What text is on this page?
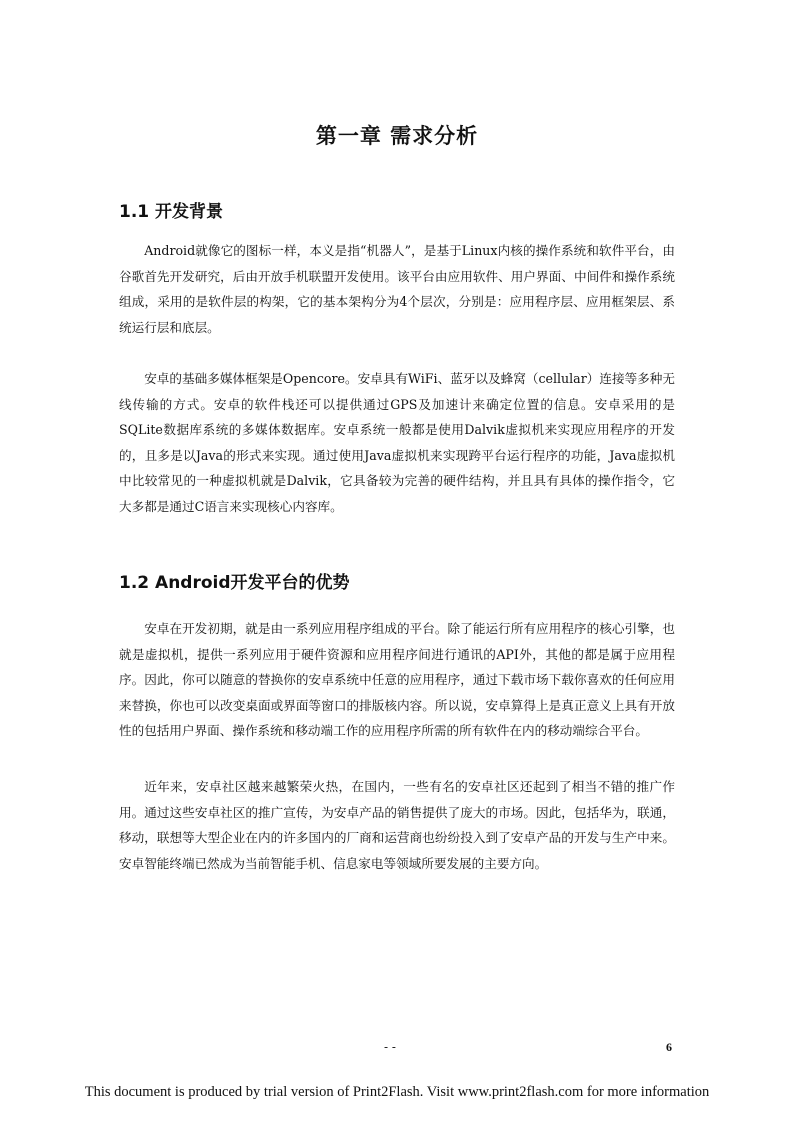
第一章 需求分析
1.1 开发背景

Android就像它的图标一样，本义是指“机器人”，是基于Linux内核的操作系统和软件平台，由谷歌首先开发研究，后由开放手机联盟开发使用。该平台由应用软件、用户界面、中间件和操作系统组成，采用的是软件层的构架，它的基本架构分为4个层次，分别是：应用程序层、应用框架层、系统运行层和底层。

安卓的基础多媒体框架是Opencore。安卓具有WiFi、蓝牙以及蜂窝（cellular）连接等多种无线传输的方式。安卓的软件栈还可以提供通过GPS及加速计来确定位置的信息。安卓采用的是SQLite数据库系统的多媒体数据库。安卓系统一般都是使用Dalvik虚拟机来实现应用程序的开发的，且多是以Java的形式来实现。通过使用Java虚拟机来实现跨平台运行程序的功能，Java虚拟机中比较常见的一种虚拟机就是Dalvik，它具备较为完善的硬件结构，并且具有具体的操作指令，它大多都是通过C语言来实现核心内容库。

1.2 Android开发平台的优势

安卓在开发初期，就是由一系列应用程序组成的平台。除了能运行所有应用程序的核心引擎，也就是虚拟机，提供一系列应用于硬件资源和应用程序间进行通讯的API外，其他的都是属于应用程序。因此，你可以随意的替换你的安卓系统中任意的应用程序，通过下载市场下载你喜欢的任何应用来替换，你也可以改变桌面或界面等窗口的排版核内容。所以说，安卓算得上是真正意义上具有开放性的包括用户界面、操作系统和移动端工作的应用程序所需的所有软件在内的移动端综合平台。

近年来，安卓社区越来越繁荣火热，在国内，一些有名的安卓社区还起到了相当不错的推广作用。通过这些安卓社区的推广宣传，为安卓产品的销售提供了庞大的市场。因此，包括华为，联通，移动，联想等大型企业在内的许多国内的厂商和运营商也纷纷投入到了安卓产品的开发与生产中来。安卓智能终端已然成为当前智能手机、信息家电等领域所要发展的主要方向。

- -	6
This document is produced by trial version of Print2Flash. Visit www.print2flash.com for more information
